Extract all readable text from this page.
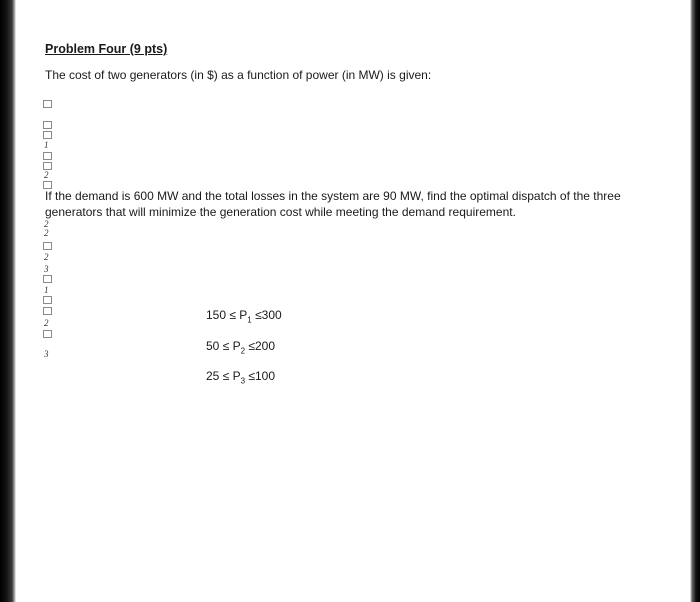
Problem Four (9 pts)
The cost of two generators (in $) as a function of power (in MW) is given:
1
2
2
2
2
3
1
2
3
If the demand is 600 MW and the total losses in the system are 90 MW, find the optimal dispatch of the three generators that will minimize the generation cost while meeting the demand requirement.
$150 \le P_1 \le 300$
$50 \le P_2 \le 200$
$25 \le P_3 \le 100$
